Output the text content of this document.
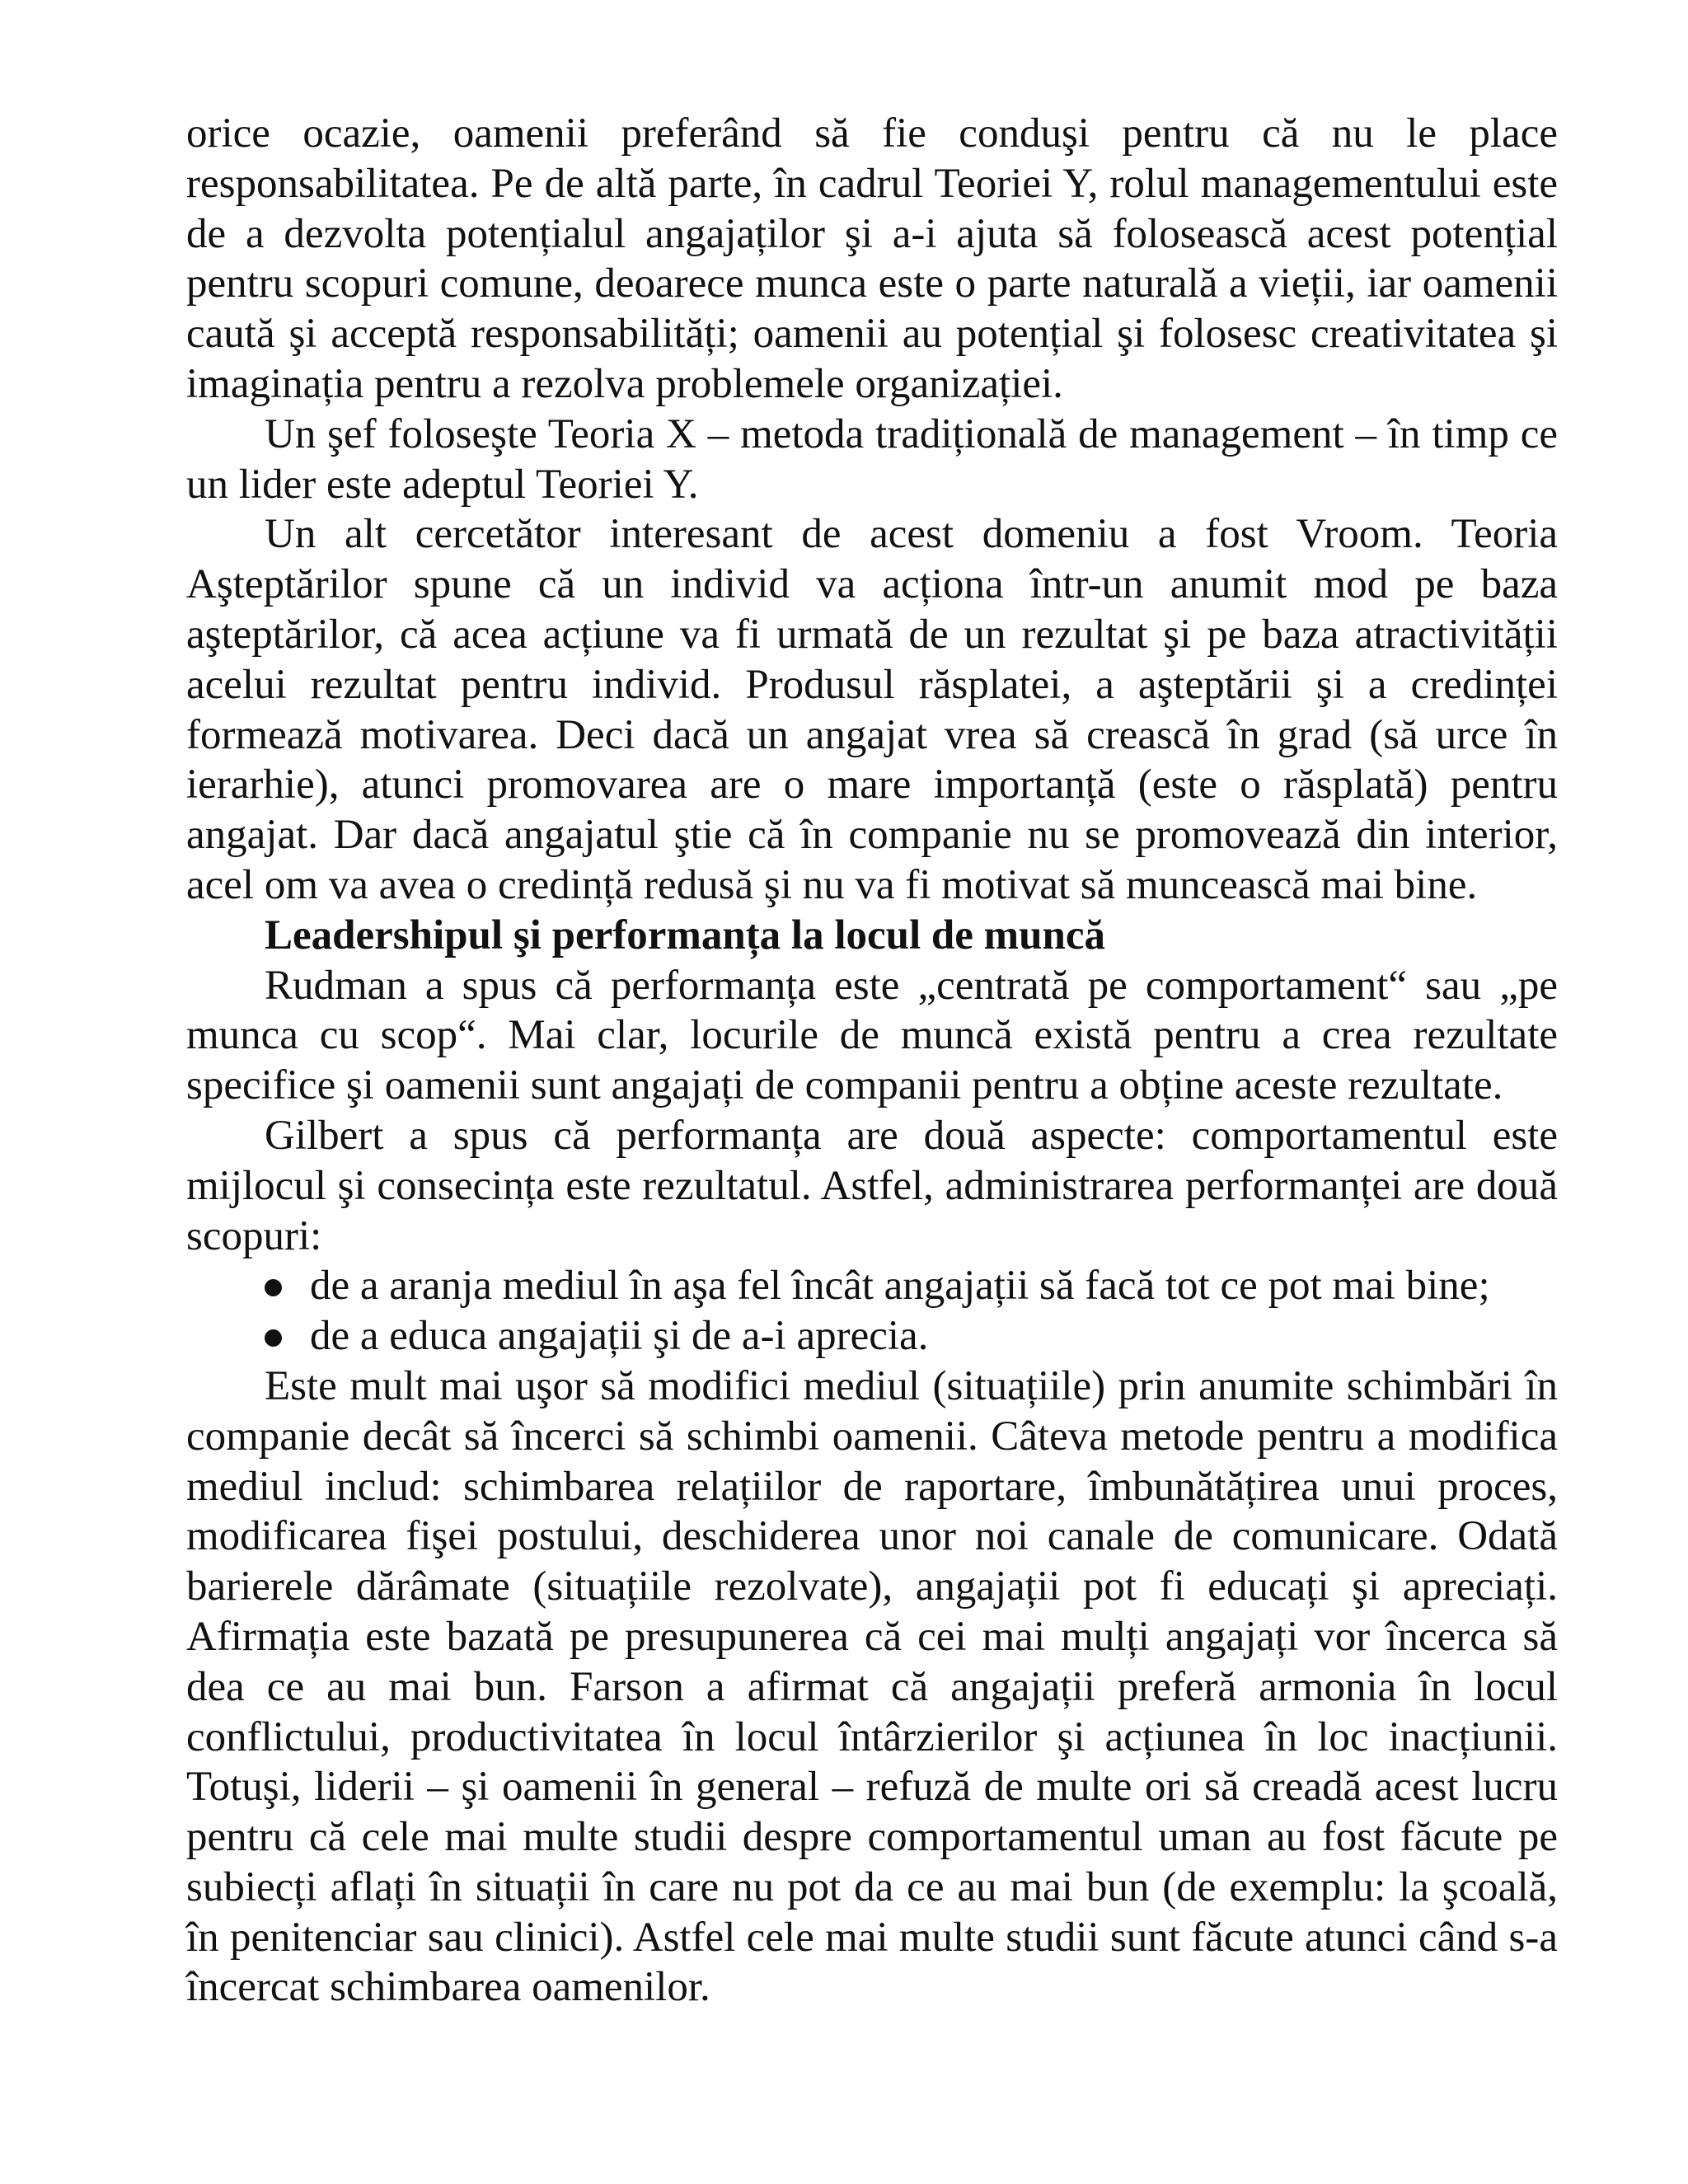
orice ocazie, oamenii preferând să fie conduşi pentru că nu le place responsabilitatea. Pe de altă parte, în cadrul Teoriei Y, rolul managementului este de a dezvolta potențialul angajaților şi a-i ajuta să folosească acest potențial pentru scopuri comune, deoarece munca este o parte naturală a vieții, iar oamenii caută şi acceptă responsabilități; oamenii au potențial şi folosesc creativitatea şi imaginația pentru a rezolva problemele organizației.

Un şef foloseşte Teoria X – metoda tradițională de management – în timp ce un lider este adeptul Teoriei Y.

Un alt cercetător interesant de acest domeniu a fost Vroom. Teoria Aşteptărilor spune că un individ va acționa într-un anumit mod pe baza aşteptărilor, că acea acțiune va fi urmată de un rezultat şi pe baza atractivității acelui rezultat pentru individ. Produsul răsplatei, a aşteptării şi a credinței formează motivarea. Deci dacă un angajat vrea să crească în grad (să urce în ierarhie), atunci promovarea are o mare importanță (este o răsplată) pentru angajat. Dar dacă angajatul ştie că în companie nu se promovează din interior, acel om va avea o credință redusă şi nu va fi motivat să muncească mai bine.

Leadershipul şi performanța la locul de muncă

Rudman a spus că performanța este „centrată pe comportament“ sau „pe munca cu scop“. Mai clar, locurile de muncă există pentru a crea rezultate specifice şi oamenii sunt angajați de companii pentru a obține aceste rezultate.

Gilbert a spus că performanța are două aspecte: comportamentul este mijlocul şi consecința este rezultatul. Astfel, administrarea performanței are două scopuri:

de a aranja mediul în aşa fel încât angajații să facă tot ce pot mai bine;
de a educa angajații şi de a-i aprecia.

Este mult mai uşor să modifici mediul (situațiile) prin anumite schimbări în companie decât să încerci să schimbi oamenii. Câteva metode pentru a modifica mediul includ: schimbarea relațiilor de raportare, îmbunătățirea unui proces, modificarea fişei postului, deschiderea unor noi canale de comunicare. Odată barierele dărâmate (situațiile rezolvate), angajații pot fi educați şi apreciați. Afirmația este bazată pe presupunerea că cei mai mulți angajați vor încerca să dea ce au mai bun. Farson a afirmat că angajații preferă armonia în locul conflictului, productivitatea în locul întârzierilor şi acțiunea în loc inacțiunii. Totuşi, liderii – şi oamenii în general – refuză de multe ori să creadă acest lucru pentru că cele mai multe studii despre comportamentul uman au fost făcute pe subiecți aflați în situații în care nu pot da ce au mai bun (de exemplu: la şcoală, în penitenciar sau clinici). Astfel cele mai multe studii sunt făcute atunci când s-a încercat schimbarea oamenilor.
